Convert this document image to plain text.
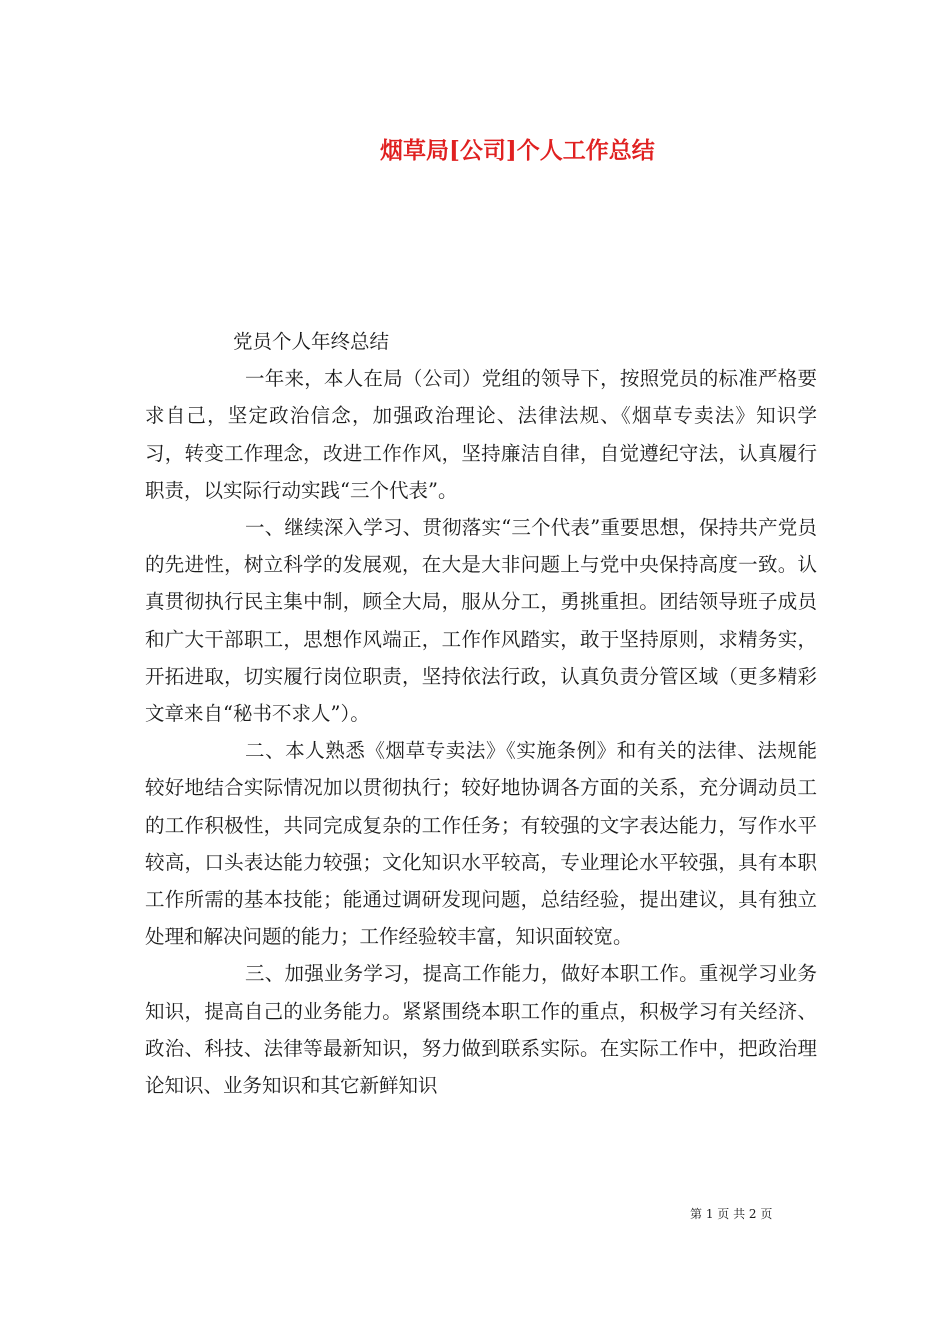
烟草局[公司]个人工作总结

党员个人年终总结

一年来，本人在局（公司）党组的领导下，按照党员的标准严格要求自己，坚定政治信念，加强政治理论、法律法规、《烟草专卖法》知识学习，转变工作理念，改进工作作风，坚持廉洁自律，自觉遵纪守法，认真履行职责，以实际行动实践“三个代表”。

一、继续深入学习、贯彻落实“三个代表”重要思想，保持共产党员的先进性，树立科学的发展观，在大是大非问题上与党中央保持高度一致。认真贯彻执行民主集中制，顾全大局，服从分工，勇挑重担。团结领导班子成员和广大干部职工，思想作风端正，工作作风踏实，敢于坚持原则，求精务实，开拓进取，切实履行岗位职责，坚持依法行政，认真负责分管区域（更多精彩文章来自“秘书不求人”）。

二、本人熟悉《烟草专卖法》《实施条例》和有关的法律、法规能较好地结合实际情况加以贯彻执行；较好地协调各方面的关系，充分调动员工的工作积极性，共同完成复杂的工作任务；有较强的文字表达能力，写作水平较高，口头表达能力较强；文化知识水平较高，专业理论水平较强，具有本职工作所需的基本技能；能通过调研发现问题，总结经验，提出建议，具有独立处理和解决问题的能力；工作经验较丰富，知识面较宽。

三、加强业务学习，提高工作能力，做好本职工作。重视学习业务知识，提高自己的业务能力。紧紧围绕本职工作的重点，积极学习有关经济、政治、科技、法律等最新知识，努力做到联系实际。在实际工作中，把政治理论知识、业务知识和其它新鲜知识

第 1 页 共 2 页
